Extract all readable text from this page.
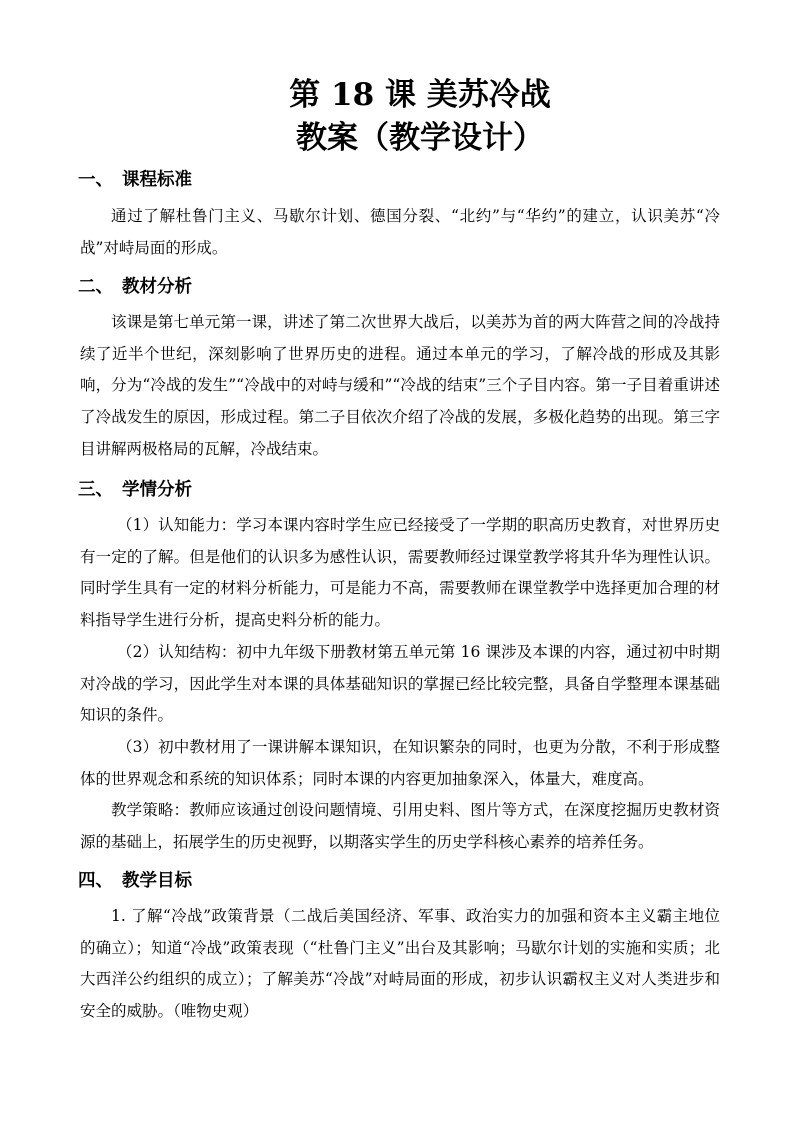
第 18 课 美苏冷战
教案（教学设计）
一、 课程标准
通过了解杜鲁门主义、马歇尔计划、德国分裂、“北约”与“华约”的建立，认识美苏“冷战”对峙局面的形成。
二、 教材分析
该课是第七单元第一课，讲述了第二次世界大战后，以美苏为首的两大阵营之间的冷战持续了近半个世纪，深刻影响了世界历史的进程。通过本单元的学习，了解冷战的形成及其影响，分为“冷战的发生”“冷战中的对峙与缓和”“冷战的结束”三个子目内容。第一子目着重讲述了冷战发生的原因，形成过程。第二子目依次介绍了冷战的发展，多极化趋势的出现。第三字目讲解两极格局的瓦解，冷战结束。
三、 学情分析
（1）认知能力：学习本课内容时学生应已经接受了一学期的职高历史教育，对世界历史有一定的了解。但是他们的认识多为感性认识，需要教师经过课堂教学将其升华为理性认识。同时学生具有一定的材料分析能力，可是能力不高，需要教师在课堂教学中选择更加合理的材料指导学生进行分析，提高史料分析的能力。
（2）认知结构：初中九年级下册教材第五单元第 16 课涉及本课的内容，通过初中时期对冷战的学习，因此学生对本课的具体基础知识的掌握已经比较完整，具备自学整理本课基础知识的条件。
（3）初中教材用了一课讲解本课知识，在知识繁杂的同时，也更为分散，不利于形成整体的世界观念和系统的知识体系；同时本课的内容更加抽象深入，体量大，难度高。
教学策略：教师应该通过创设问题情境、引用史料、图片等方式，在深度挖掘历史教材资源的基础上，拓展学生的历史视野，以期落实学生的历史学科核心素养的培养任务。
四、 教学目标
1. 了解“冷战”政策背景（二战后美国经济、军事、政治实力的加强和资本主义霸主地位的确立）；知道“冷战”政策表现（“杜鲁门主义”出台及其影响；马歇尔计划的实施和实质；北大西洋公约组织的成立）；了解美苏“冷战”对峙局面的形成，初步认识霸权主义对人类进步和安全的威胁。（唯物史观）
